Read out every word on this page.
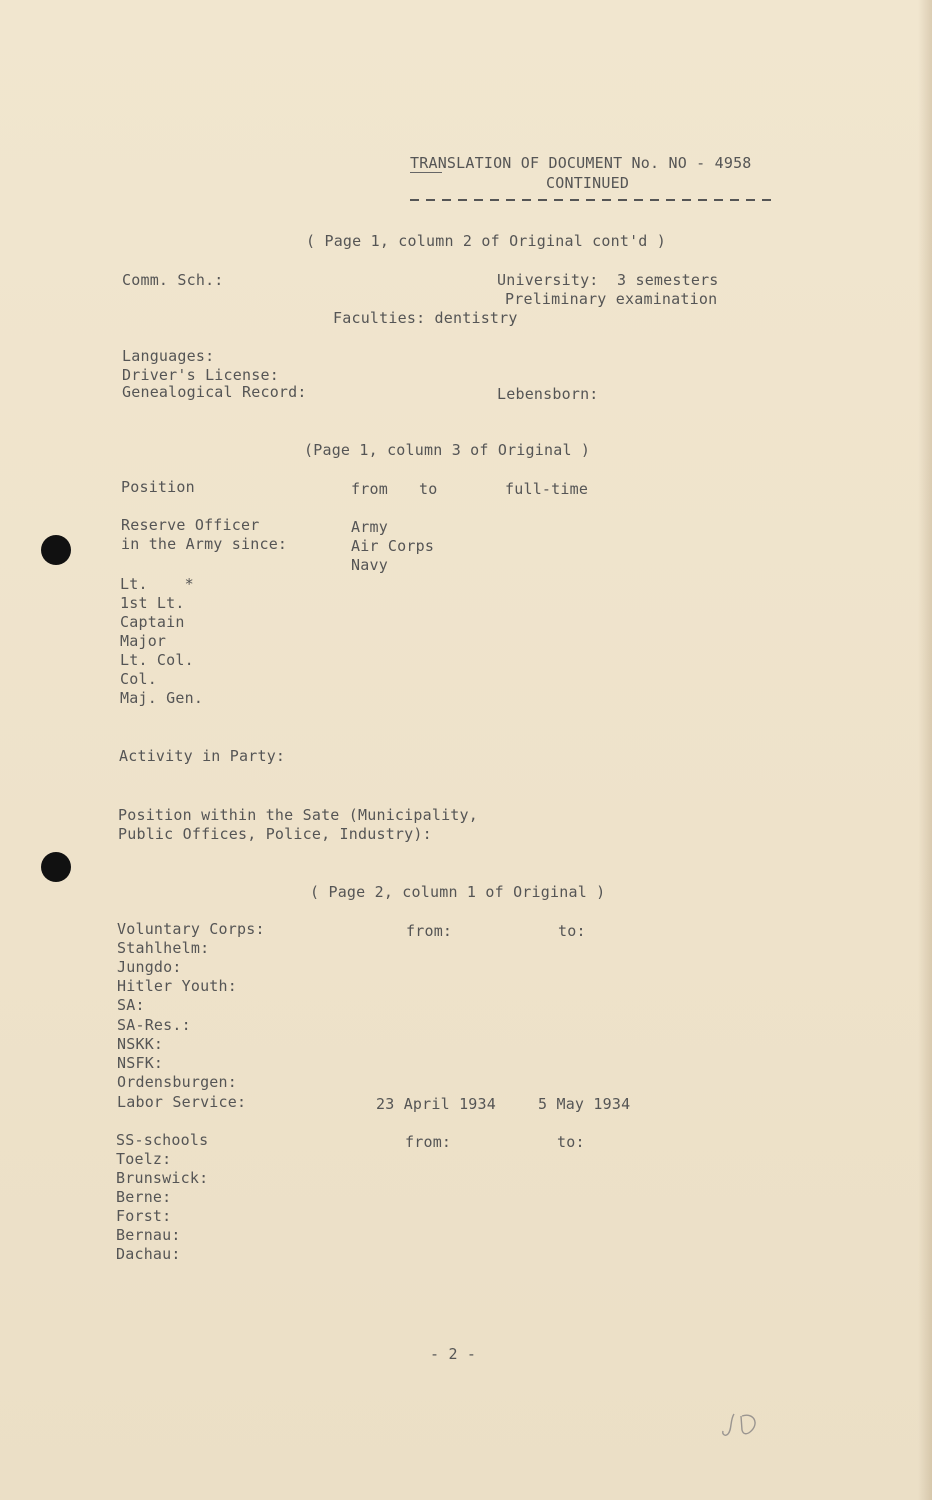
TRANSLATION OF DOCUMENT No. NO - 4958
CONTINUED
( Page 1, column 2 of Original cont'd )
Comm. Sch.:	University:  3 semesters
Preliminary examination
Faculties: dentistry
Languages:
Driver's License:
Genealogical Record:	Lebensborn:
(Page 1, column 3 of Original )
Position	from to	full-time
Reserve Officer
in the Army since:
Army
Air Corps
Navy
Lt.    *
1st Lt.
Captain
Major
Lt. Col.
Col.
Maj. Gen.
Activity in Party:
Position within the Sate (Municipality,
Public Offices, Police, Industry):
( Page 2, column 1 of Original )
Voluntary Corps:	from:	to:
Stahlhelm:
Jungdo:
Hitler Youth:
SA:
SA-Res.:
NSKK:
NSFK:
Ordensburgen:
Labor Service:	23 April 1934	5 May 1934
SS-schools	from:	to:
Toelz:
Brunswick:
Berne:
Forst:
Bernau:
Dachau:
- 2 -
